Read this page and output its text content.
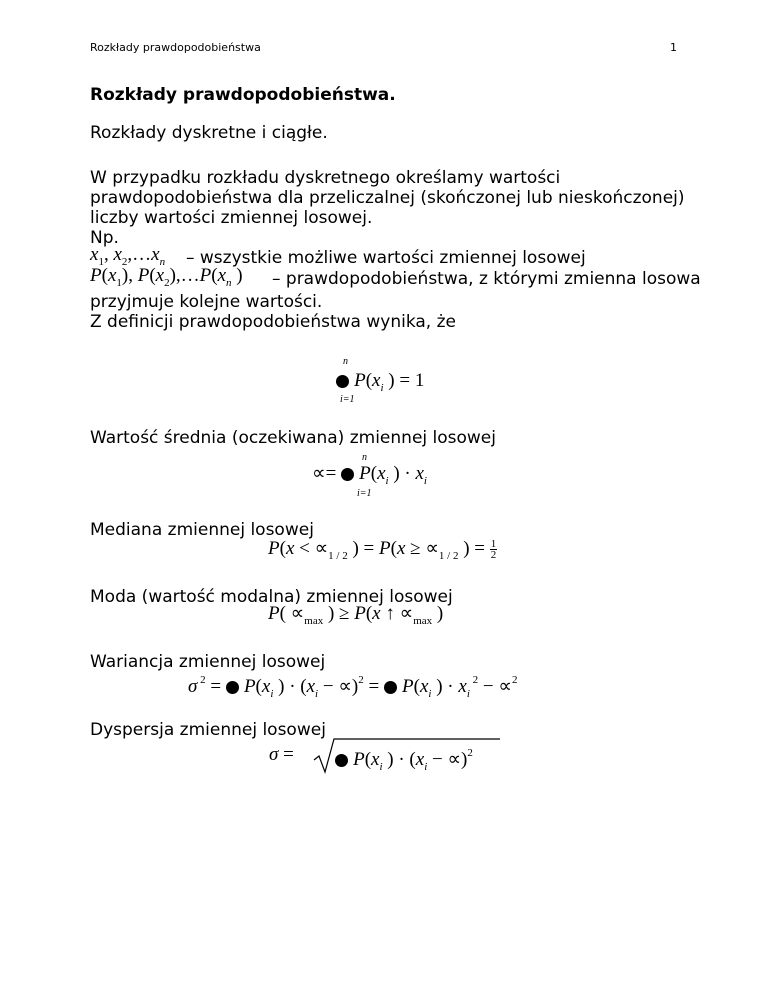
Rozkłady prawdopodobieństwa	1
Rozkłady prawdopodobieństwa.
Rozkłady dyskretne i ciągłe.
W przypadku rozkładu dyskretnego określamy wartości
prawdopodobieństwa dla przeliczalnej (skończonej lub nieskończonej)
liczby wartości zmiennej losowej.
Np.
$x_1$, $x_2,\dots x_n$ – wszystkie możliwe wartości zmiennej losowej
$P(x_1)$, $P(x_2),\dots P(x_n$ ) – prawdopodobieństwa, z którymi zmienna losowa
przyjmuje kolejne wartości.
Z definicji prawdopodobieństwa wynika, że
n
$P(x_i$ ) = 1
i=1
Wartość średnia (oczekiwana) zmiennej losowej
n
∝=  $P(x_i$ ) · $x_i$
i=1
Mediana zmiennej losowej
$P(x < \propto_{1 / 2}$ ) = $P(x \ge \propto_{1 / 2}$ ) = $\frac{1}{2}$
Moda (wartość modalna) zmiennej losowej
$P( \propto_{max}$ ) ≥ P(x ↑ $\propto_{max}$ )
Wariancja zmiennej losowej
σ $^2 = P(x_i$ ) · $(x_i - \propto)^2 = P(x_i$ ) · $x_i$ $^2$ − ∝$^2$
Dyspersja zmiennej losowej
σ =	$P(x_i$ ) · $(x_i - \propto)^2$
